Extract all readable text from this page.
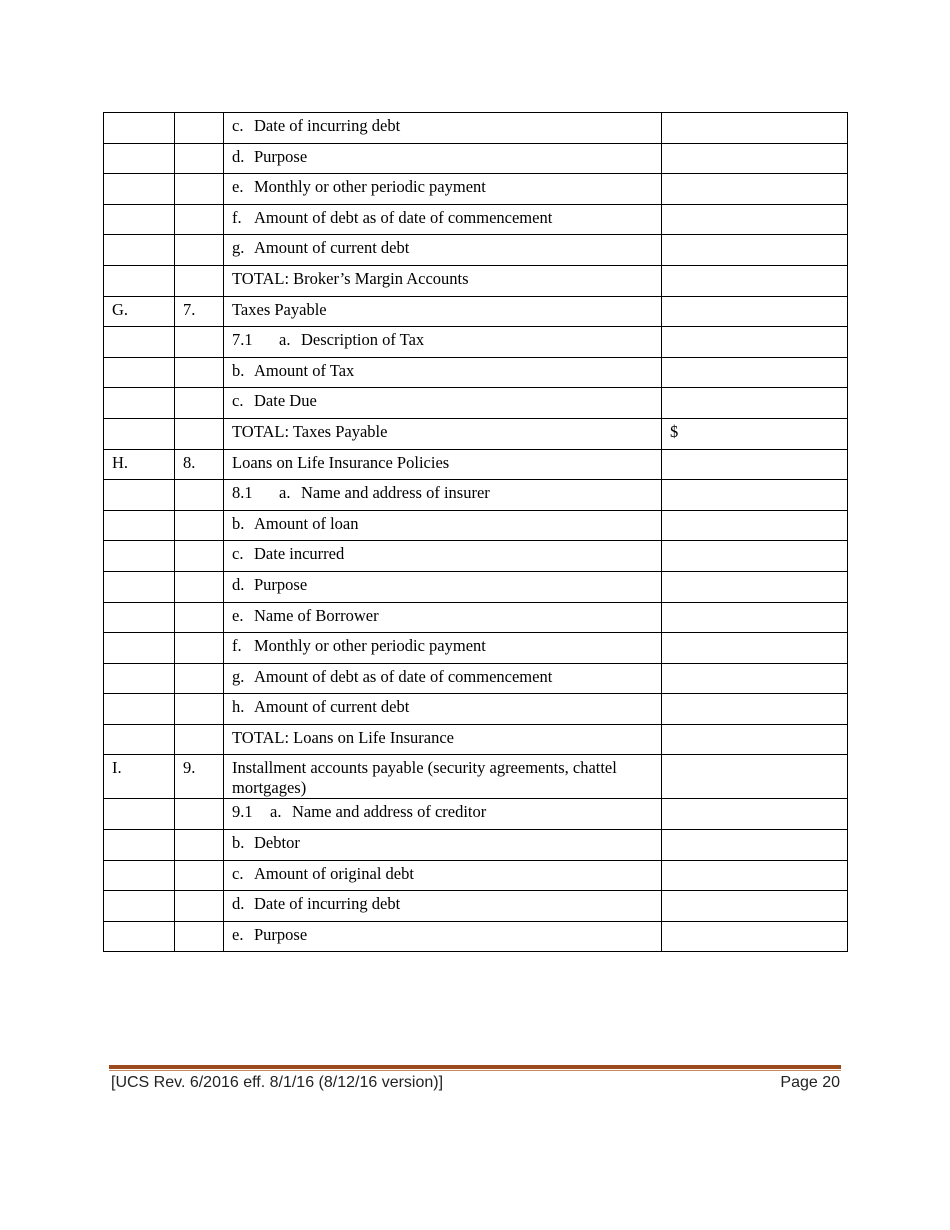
		c. Date of incurring debt	
		d. Purpose	
		e. Monthly or other periodic payment	
		f. Amount of debt as of date of commencement	
		g. Amount of current debt	
		TOTAL: Broker’s Margin Accounts	
G.	7.	Taxes Payable	
		7.1 a. Description of Tax	
		b. Amount of Tax	
		c. Date Due	
		TOTAL: Taxes Payable	$
H.	8.	Loans on Life Insurance Policies	
		8.1 a. Name and address of insurer	
		b. Amount of loan	
		c. Date incurred	
		d. Purpose	
		e. Name of Borrower	
		f. Monthly or other periodic payment	
		g. Amount of debt as of date of commencement	
		h. Amount of current debt	
		TOTAL: Loans on Life Insurance	
I.	9.	Installment accounts payable (security agreements, chattel mortgages)	
		9.1 a. Name and address of creditor	
		b. Debtor	
		c. Amount of original debt	
		d. Date of incurring debt	
		e. Purpose	
[UCS Rev. 6/2016 eff. 8/1/16 (8/12/16 version)]	Page 20
